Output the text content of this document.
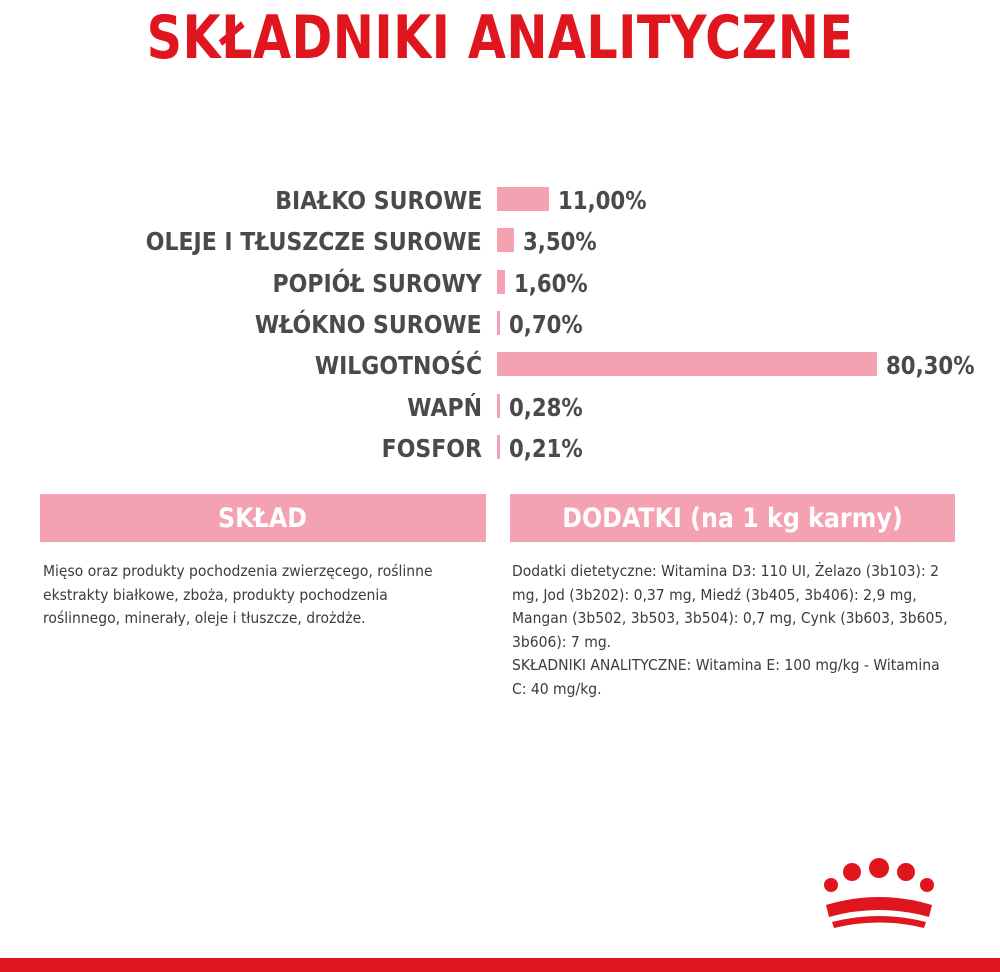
SKŁADNIKI ANALITYCZNE
BIAŁKO SUROWE	11,00%
OLEJE I TŁUSZCZE SUROWE 3,50%
POPIÓŁ SUROWY 1,60%
WŁÓKNO SUROWE 0,70%
WILGOTNOŚĆ	80,30%
WAPŃ 0,28%
FOSFOR 0,21%
SKŁAD	DODATKI (na 1 kg karmy)

Mięso oraz produkty pochodzenia zwierzęcego, roślinne ekstrakty białkowe, zboża, produkty pochodzenia roślinnego, minerały, oleje i tłuszcze, drożdże.

Dodatki dietetyczne: Witamina D3: 110 UI, Żelazo (3b103): 2 mg, Jod (3b202): 0,37 mg, Miedź (3b405, 3b406): 2,9 mg, Mangan (3b502, 3b503, 3b504): 0,7 mg, Cynk (3b603, 3b605, 3b606): 7 mg.

SKŁADNIKI ANALITYCZNE: Witamina E: 100 mg/kg - Witamina C: 40 mg/kg.
